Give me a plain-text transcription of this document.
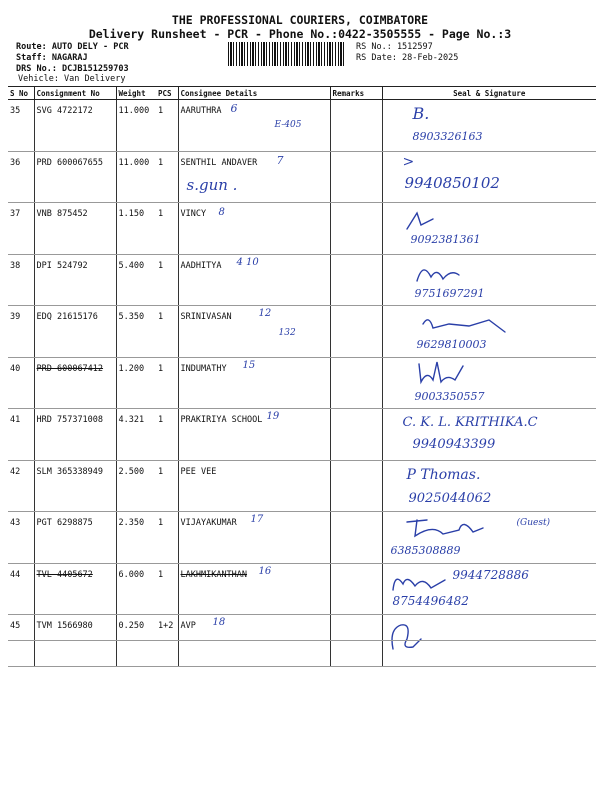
THE PROFESSIONAL COURIERS, COIMBATORE
Delivery Runsheet - PCR - Phone No.:0422-3505555 - Page No.:3
Route: AUTO DELY - PCR
Staff: NAGARAJ
DRS No.: DCJB151259703
Vehicle: Van Delivery
RS No.: 1512597
RS Date: 28-Feb-2025
S No	Consignment No	Weight	PCS	Consignee Details	Remarks	Seal & Signature
35	SVG 4722172	11.000	1	AARUTHRA 6
E-405		B.
8903326163

36	PRD 600067655	11.000	1	SENTHIL ANDAVER 7
s.gun .		>
9940850102

37	VNB 875452	1.150	1	VINCY 8		9092381361

38	DPI 524792	5.400	1	AADHITYA 4 10		9751697291

39	EDQ 21615176	5.350	1	SRINIVASAN 12
132		9629810003

40	PRD 600067412	1.200	1	INDUMATHY 15		9003350557

41	HRD 757371008	4.321	1	PRAKIRIYA SCHOOL 19		C. K. L. KRITHIKA.C
9940943399

42	SLM 365338949	2.500	1	PEE VEE		P Thomas.
9025044062

43	PGT 6298875	2.350	1	VIJAYAKUMAR 17		(Guest)
6385308889

44	TVL 4405672	6.000	1	LAKHMIKANTHAN 16		9944728886
8754496482

45	TVM 1566980	0.250	1+2	AVP 18
